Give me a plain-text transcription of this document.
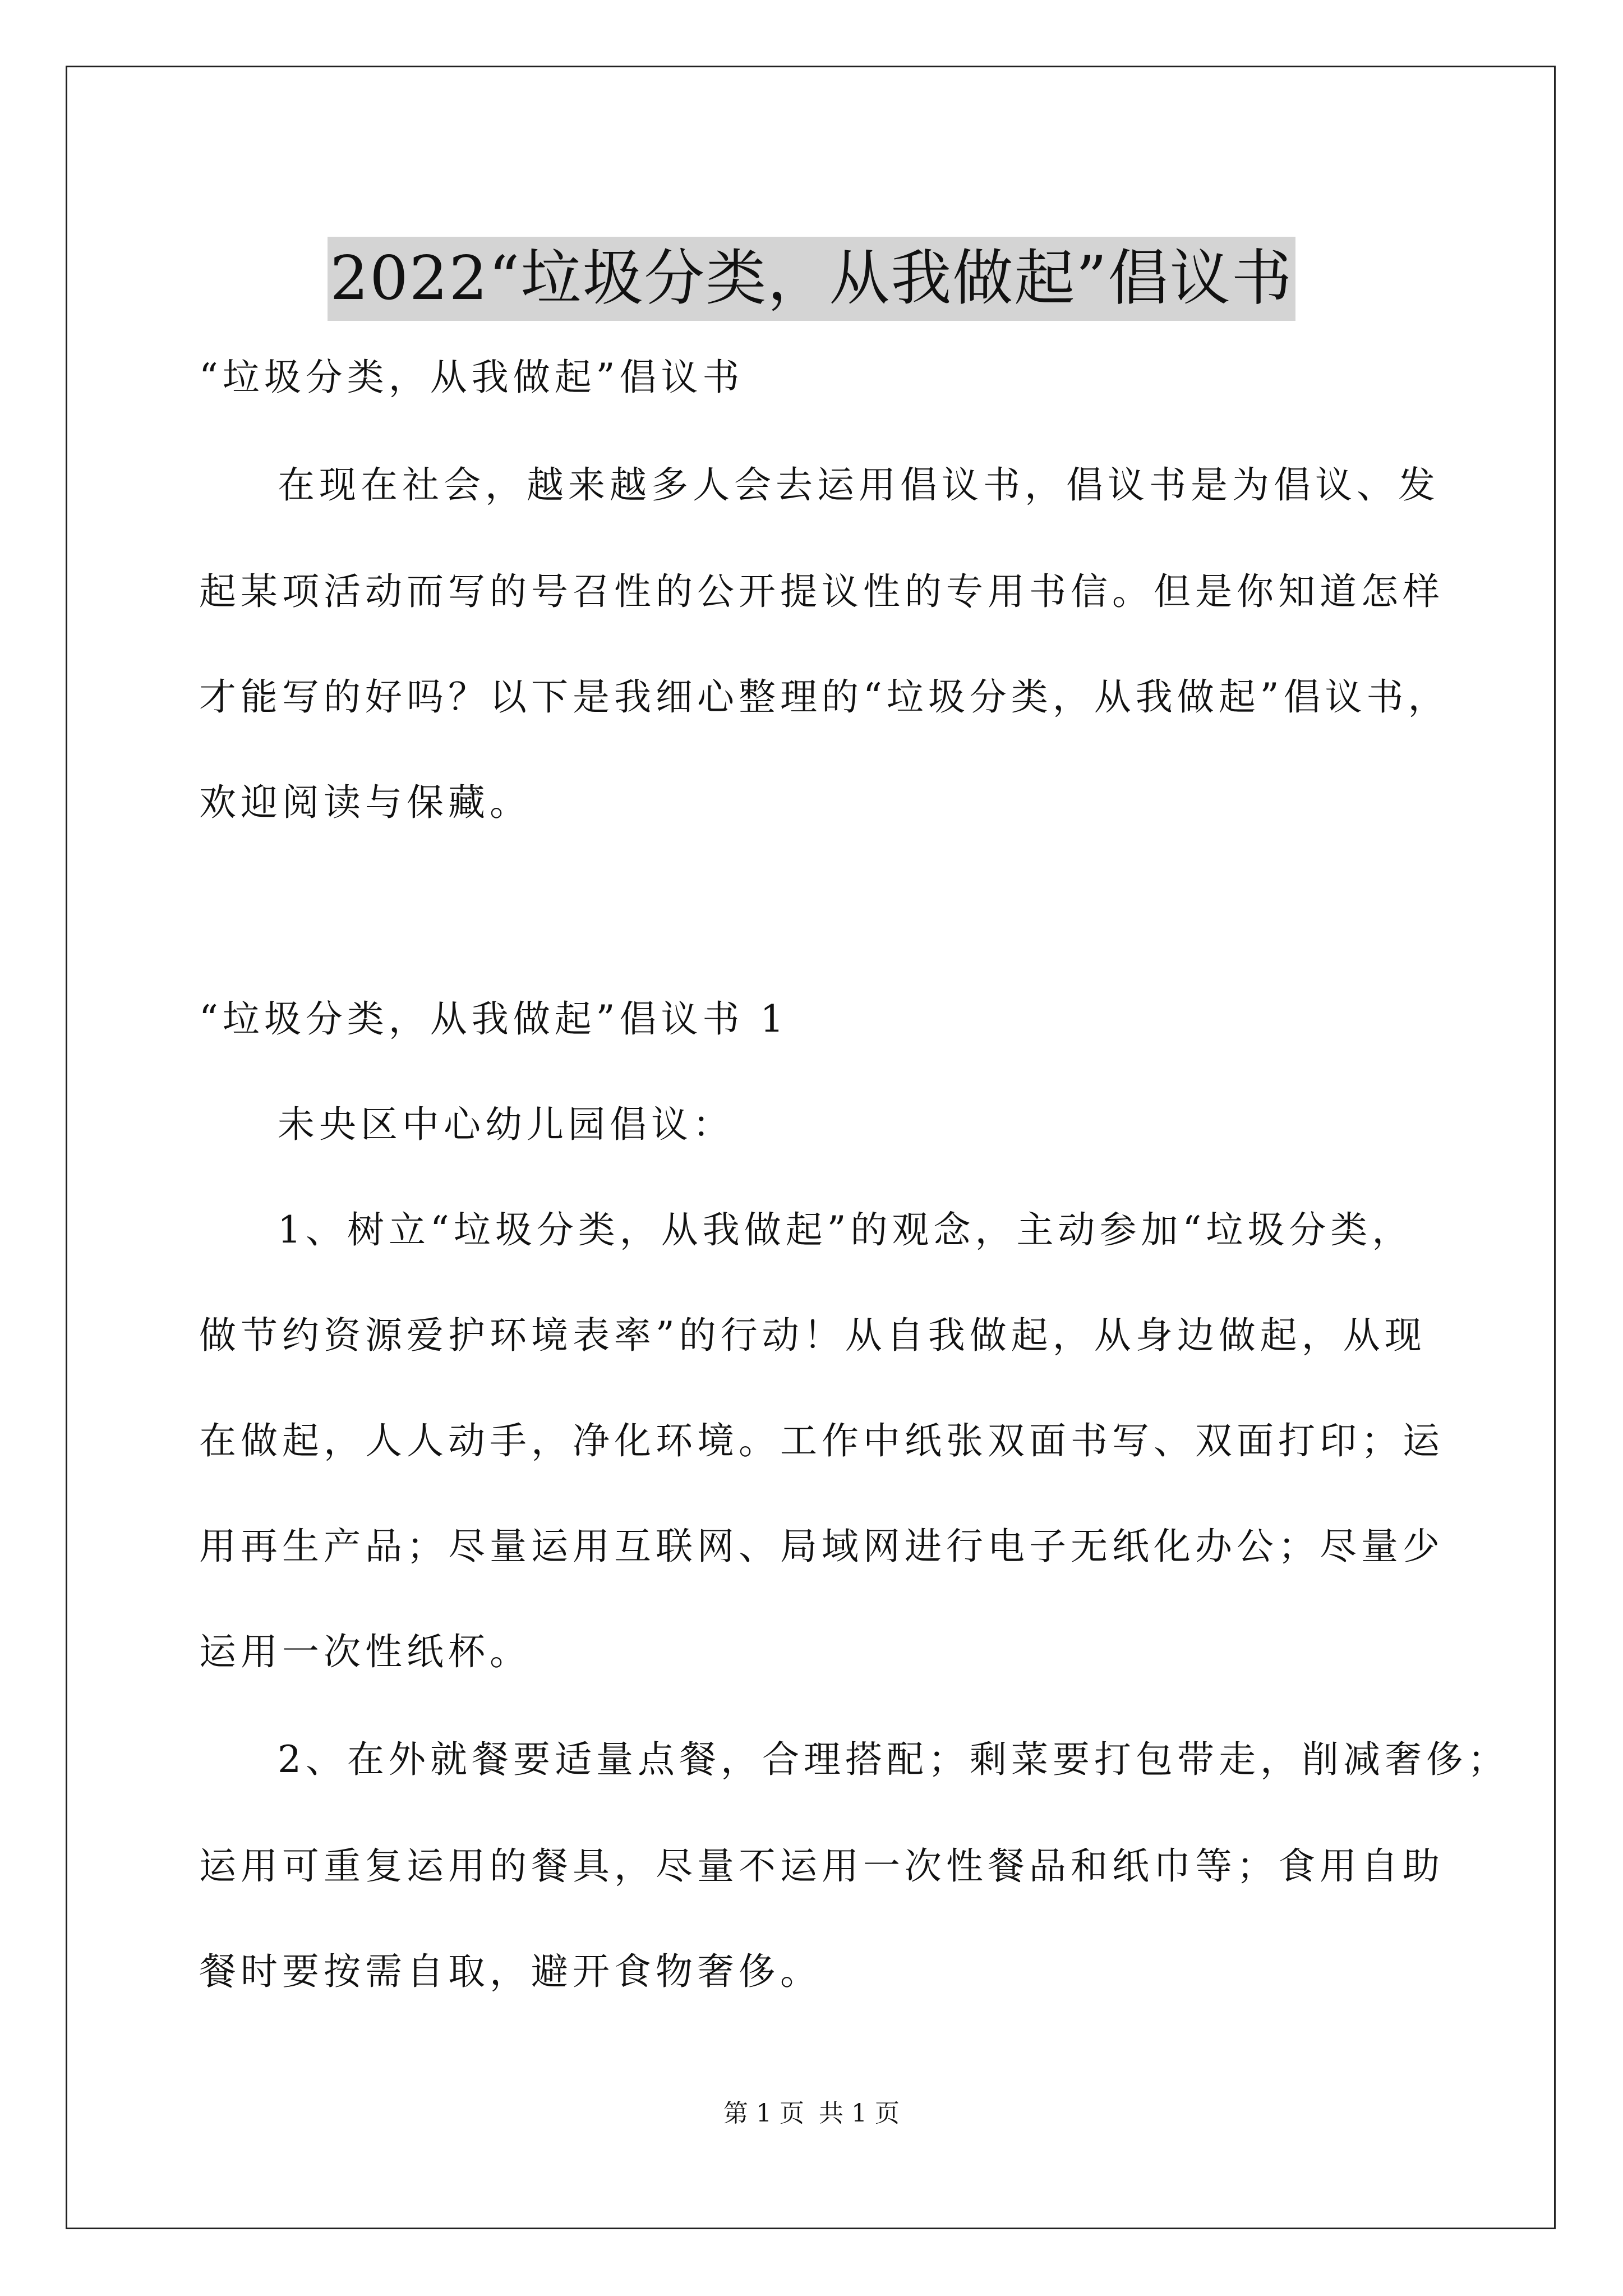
2022“垃圾分类，从我做起”倡议书
“垃圾分类，从我做起”倡议书
在现在社会，越来越多人会去运用倡议书，倡议书是为倡议、发
起某项活动而写的号召性的公开提议性的专用书信。但是你知道怎样
才能写的好吗？以下是我细心整理的“垃圾分类，从我做起”倡议书，
欢迎阅读与保藏。
“垃圾分类，从我做起”倡议书 1
未央区中心幼儿园倡议：
1、树立“垃圾分类，从我做起”的观念，主动参加“垃圾分类，
做节约资源爱护环境表率”的行动！从自我做起，从身边做起，从现
在做起，人人动手，净化环境。工作中纸张双面书写、双面打印；运
用再生产品；尽量运用互联网、局域网进行电子无纸化办公；尽量少
运用一次性纸杯。
2、在外就餐要适量点餐，合理搭配；剩菜要打包带走，削减奢侈；
运用可重复运用的餐具，尽量不运用一次性餐品和纸巾等；食用自助
餐时要按需自取，避开食物奢侈。
第 1 页 共 1 页
